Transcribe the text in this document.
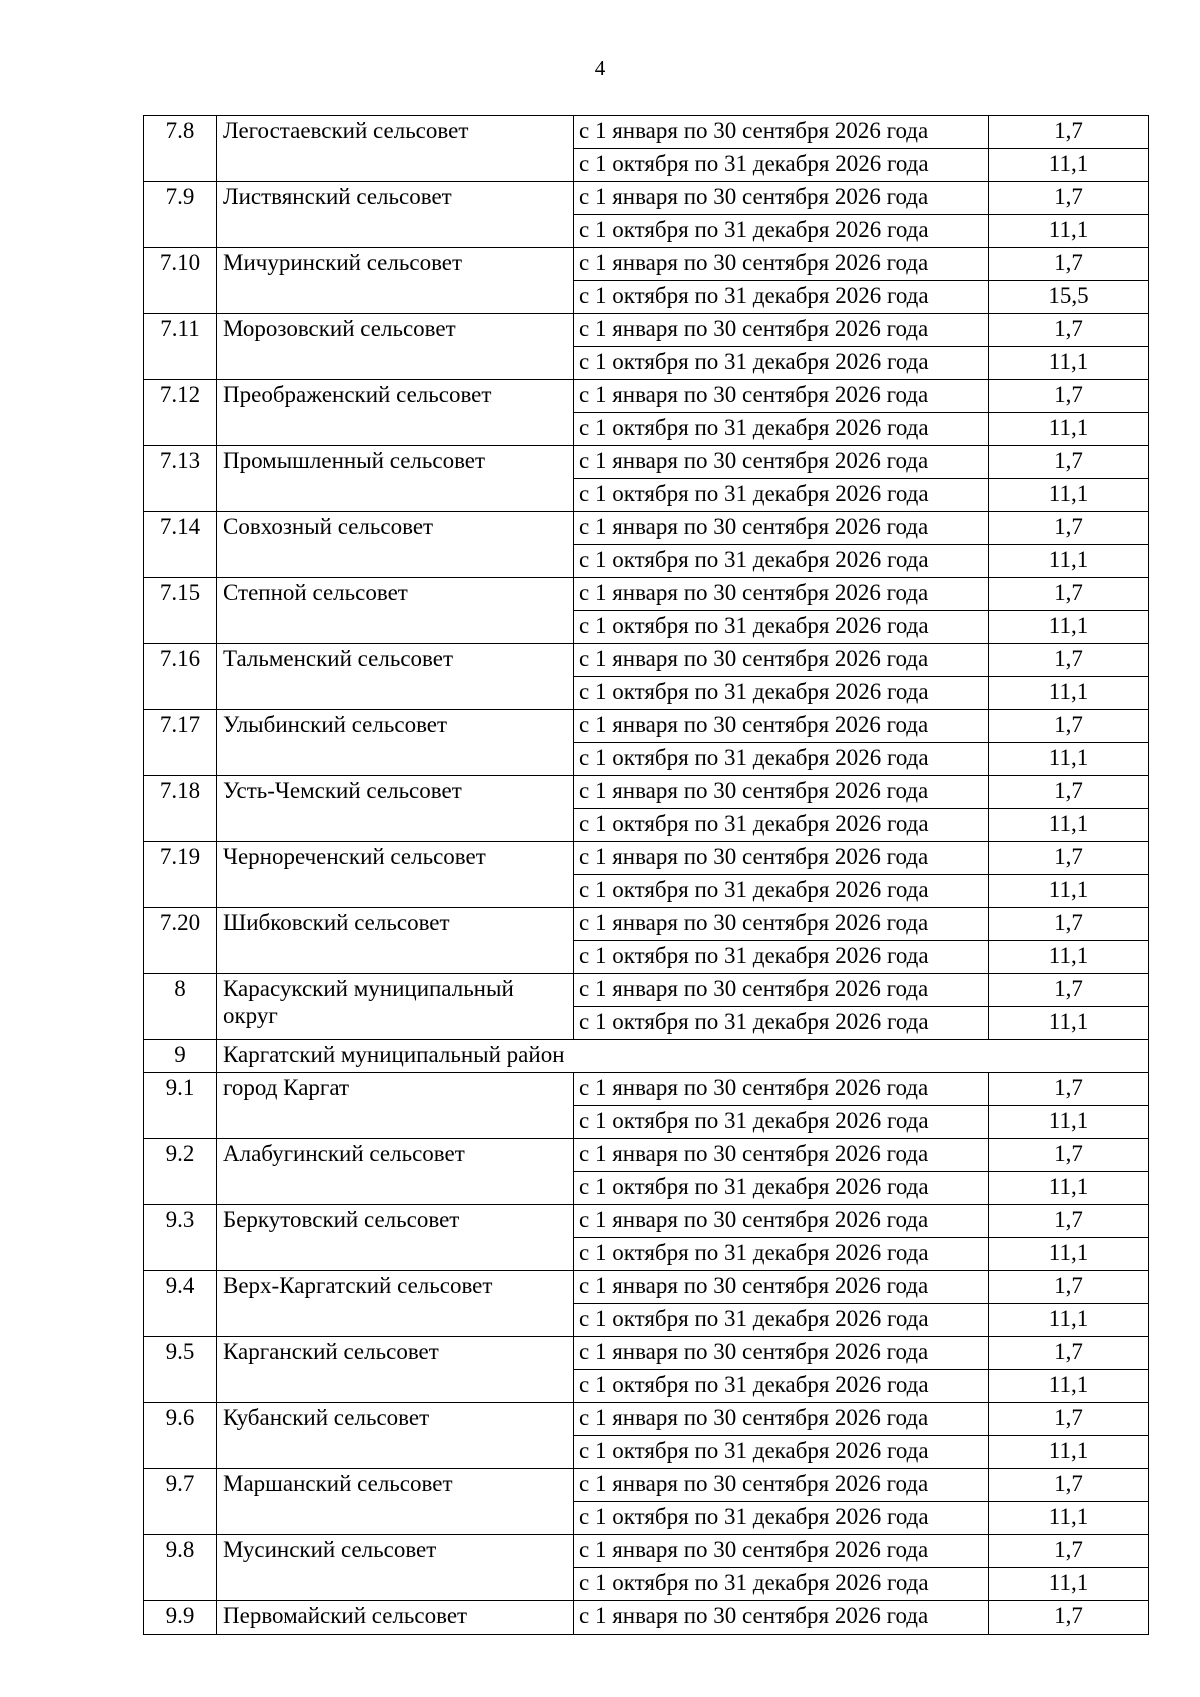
4
7.8	Легостаевский сельсовет	с 1 января по 30 сентября 2026 года	1,7
		с 1 октября по 31 декабря 2026 года	11,1
7.9	Листвянский сельсовет	с 1 января по 30 сентября 2026 года	1,7
		с 1 октября по 31 декабря 2026 года	11,1
7.10	Мичуринский сельсовет	с 1 января по 30 сентября 2026 года	1,7
		с 1 октября по 31 декабря 2026 года	15,5
7.11	Морозовский сельсовет	с 1 января по 30 сентября 2026 года	1,7
		с 1 октября по 31 декабря 2026 года	11,1
7.12	Преображенский сельсовет	с 1 января по 30 сентября 2026 года	1,7
		с 1 октября по 31 декабря 2026 года	11,1
7.13	Промышленный сельсовет	с 1 января по 30 сентября 2026 года	1,7
		с 1 октября по 31 декабря 2026 года	11,1
7.14	Совхозный сельсовет	с 1 января по 30 сентября 2026 года	1,7
		с 1 октября по 31 декабря 2026 года	11,1
7.15	Степной сельсовет	с 1 января по 30 сентября 2026 года	1,7
		с 1 октября по 31 декабря 2026 года	11,1
7.16	Тальменский сельсовет	с 1 января по 30 сентября 2026 года	1,7
		с 1 октября по 31 декабря 2026 года	11,1
7.17	Улыбинский сельсовет	с 1 января по 30 сентября 2026 года	1,7
		с 1 октября по 31 декабря 2026 года	11,1
7.18	Усть-Чемский сельсовет	с 1 января по 30 сентября 2026 года	1,7
		с 1 октября по 31 декабря 2026 года	11,1
7.19	Чернореченский сельсовет	с 1 января по 30 сентября 2026 года	1,7
		с 1 октября по 31 декабря 2026 года	11,1
7.20	Шибковский сельсовет	с 1 января по 30 сентября 2026 года	1,7
		с 1 октября по 31 декабря 2026 года	11,1
8	Карасукский муниципальный округ	с 1 января по 30 сентября 2026 года	1,7
		с 1 октября по 31 декабря 2026 года	11,1
9	Каргатский муниципальный район		
9.1	город Каргат	с 1 января по 30 сентября 2026 года	1,7
		с 1 октября по 31 декабря 2026 года	11,1
9.2	Алабугинский сельсовет	с 1 января по 30 сентября 2026 года	1,7
		с 1 октября по 31 декабря 2026 года	11,1
9.3	Беркутовский сельсовет	с 1 января по 30 сентября 2026 года	1,7
		с 1 октября по 31 декабря 2026 года	11,1
9.4	Верх-Каргатский сельсовет	с 1 января по 30 сентября 2026 года	1,7
		с 1 октября по 31 декабря 2026 года	11,1
9.5	Карганский сельсовет	с 1 января по 30 сентября 2026 года	1,7
		с 1 октября по 31 декабря 2026 года	11,1
9.6	Кубанский сельсовет	с 1 января по 30 сентября 2026 года	1,7
		с 1 октября по 31 декабря 2026 года	11,1
9.7	Маршанский сельсовет	с 1 января по 30 сентября 2026 года	1,7
		с 1 октября по 31 декабря 2026 года	11,1
9.8	Мусинский сельсовет	с 1 января по 30 сентября 2026 года	1,7
		с 1 октября по 31 декабря 2026 года	11,1
9.9	Первомайский сельсовет	с 1 января по 30 сентября 2026 года	1,7
